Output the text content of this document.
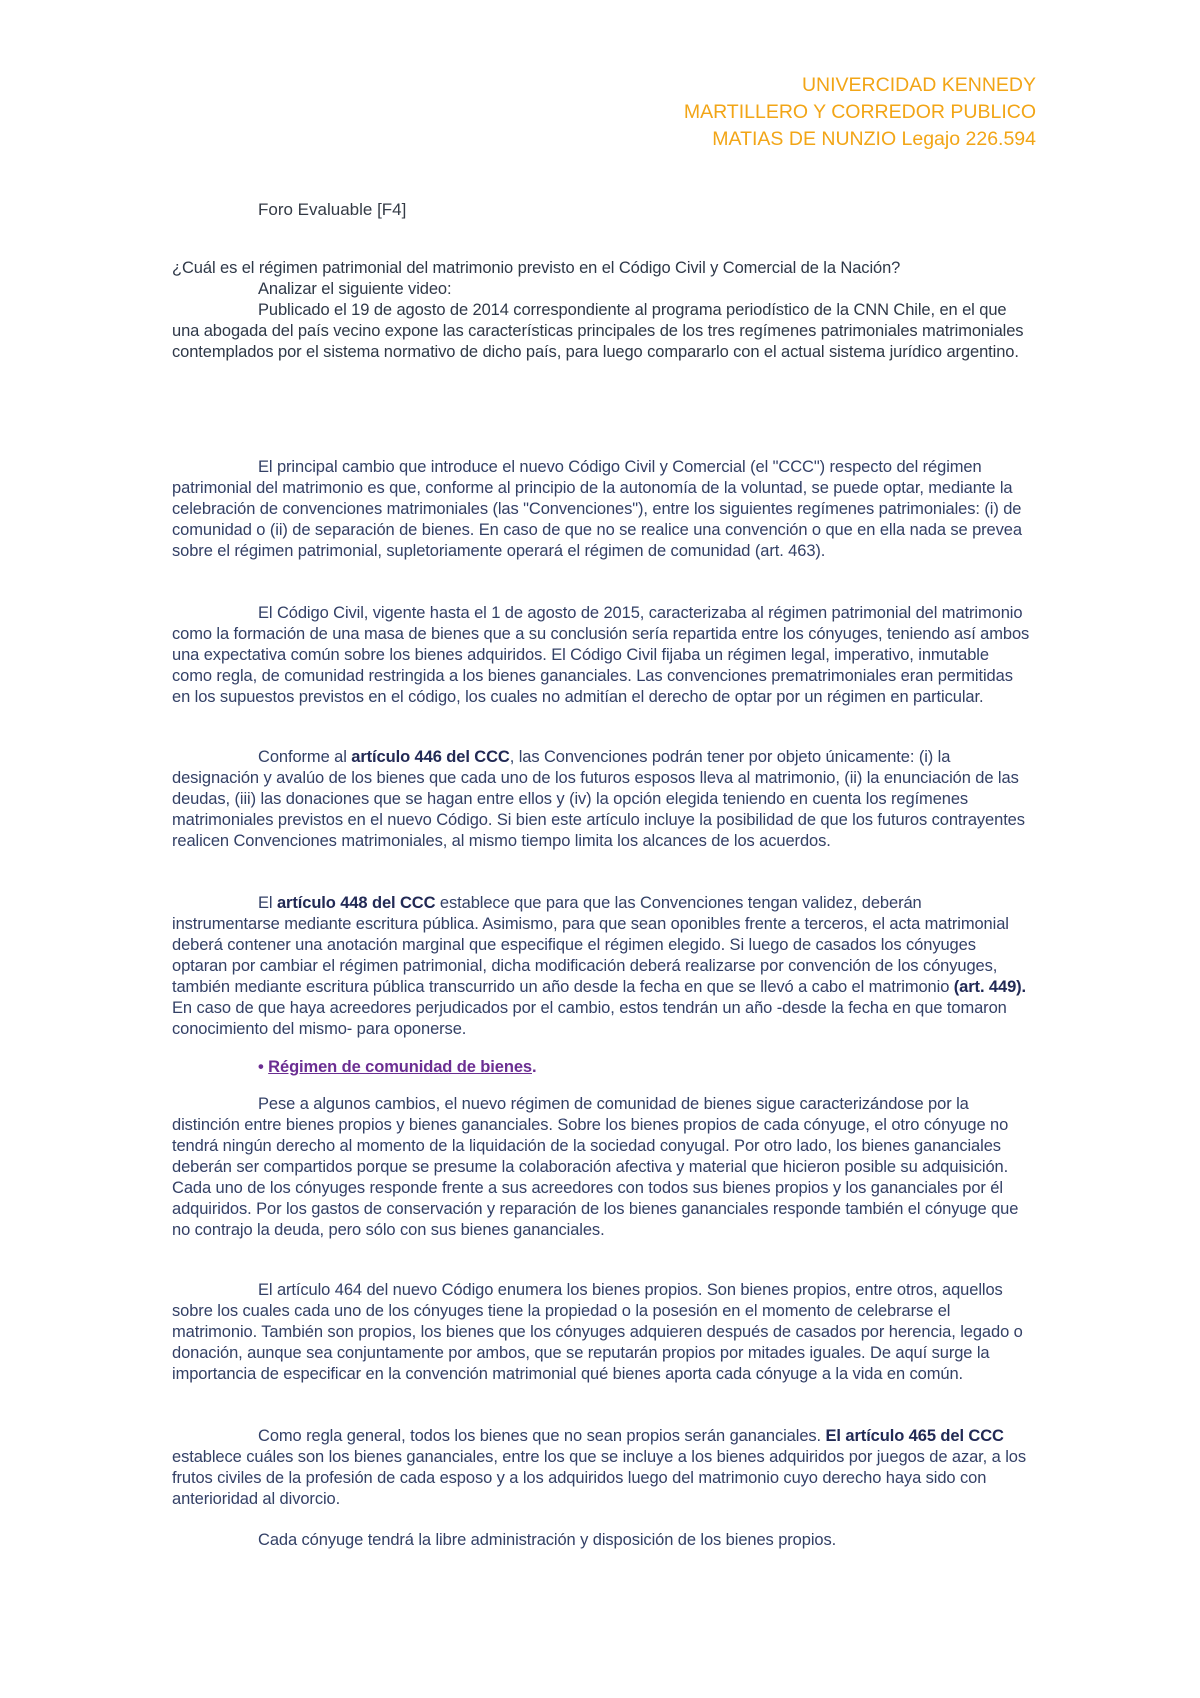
UNIVERCIDAD KENNEDY
MARTILLERO Y CORREDOR PUBLICO
MATIAS DE NUNZIO Legajo 226.594
Foro Evaluable [F4]

¿Cuál es el régimen patrimonial del matrimonio previsto en el Código Civil y Comercial de la Nación?

Analizar el siguiente video:

Publicado el 19 de agosto de 2014 correspondiente al programa periodístico de la CNN Chile, en el que una abogada del país vecino expone las características principales de los tres regímenes patrimoniales matrimoniales contemplados por el sistema normativo de dicho país, para luego compararlo con el actual sistema jurídico argentino.

El principal cambio que introduce el nuevo Código Civil y Comercial (el "CCC") respecto del régimen patrimonial del matrimonio es que, conforme al principio de la autonomía de la voluntad, se puede optar, mediante la celebración de convenciones matrimoniales (las "Convenciones"), entre los siguientes regímenes patrimoniales: (i) de comunidad o (ii) de separación de bienes. En caso de que no se realice una convención o que en ella nada se prevea sobre el régimen patrimonial, supletoriamente operará el régimen de comunidad (art. 463).

El Código Civil, vigente hasta el 1 de agosto de 2015, caracterizaba al régimen patrimonial del matrimonio como la formación de una masa de bienes que a su conclusión sería repartida entre los cónyuges, teniendo así ambos una expectativa común sobre los bienes adquiridos. El Código Civil fijaba un régimen legal, imperativo, inmutable como regla, de comunidad restringida a los bienes gananciales. Las convenciones prematrimoniales eran permitidas en los supuestos previstos en el código, los cuales no admitían el derecho de optar por un régimen en particular.

Conforme al artículo 446 del CCC, las Convenciones podrán tener por objeto únicamente: (i) la designación y avalúo de los bienes que cada uno de los futuros esposos lleva al matrimonio, (ii) la enunciación de las deudas, (iii) las donaciones que se hagan entre ellos y (iv) la opción elegida teniendo en cuenta los regímenes matrimoniales previstos en el nuevo Código. Si bien este artículo incluye la posibilidad de que los futuros contrayentes realicen Convenciones matrimoniales, al mismo tiempo limita los alcances de los acuerdos.

El artículo 448 del CCC establece que para que las Convenciones tengan validez, deberán instrumentarse mediante escritura pública. Asimismo, para que sean oponibles frente a terceros, el acta matrimonial deberá contener una anotación marginal que especifique el régimen elegido. Si luego de casados los cónyuges optaran por cambiar el régimen patrimonial, dicha modificación deberá realizarse por convención de los cónyuges, también mediante escritura pública transcurrido un año desde la fecha en que se llevó a cabo el matrimonio (art. 449). En caso de que haya acreedores perjudicados por el cambio, estos tendrán un año -desde la fecha en que tomaron conocimiento del mismo- para oponerse.

• Régimen de comunidad de bienes.

Pese a algunos cambios, el nuevo régimen de comunidad de bienes sigue caracterizándose por la distinción entre bienes propios y bienes gananciales. Sobre los bienes propios de cada cónyuge, el otro cónyuge no tendrá ningún derecho al momento de la liquidación de la sociedad conyugal. Por otro lado, los bienes gananciales deberán ser compartidos porque se presume la colaboración afectiva y material que hicieron posible su adquisición. Cada uno de los cónyuges responde frente a sus acreedores con todos sus bienes propios y los gananciales por él adquiridos. Por los gastos de conservación y reparación de los bienes gananciales responde también el cónyuge que no contrajo la deuda, pero sólo con sus bienes gananciales.

El artículo 464 del nuevo Código enumera los bienes propios. Son bienes propios, entre otros, aquellos sobre los cuales cada uno de los cónyuges tiene la propiedad o la posesión en el momento de celebrarse el matrimonio. También son propios, los bienes que los cónyuges adquieren después de casados por herencia, legado o donación, aunque sea conjuntamente por ambos, que se reputarán propios por mitades iguales. De aquí surge la importancia de especificar en la convención matrimonial qué bienes aporta cada cónyuge a la vida en común.

Como regla general, todos los bienes que no sean propios serán gananciales. El artículo 465 del CCC establece cuáles son los bienes gananciales, entre los que se incluye a los bienes adquiridos por juegos de azar, a los frutos civiles de la profesión de cada esposo y a los adquiridos luego del matrimonio cuyo derecho haya sido con anterioridad al divorcio.

Cada cónyuge tendrá la libre administración y disposición de los bienes propios.
